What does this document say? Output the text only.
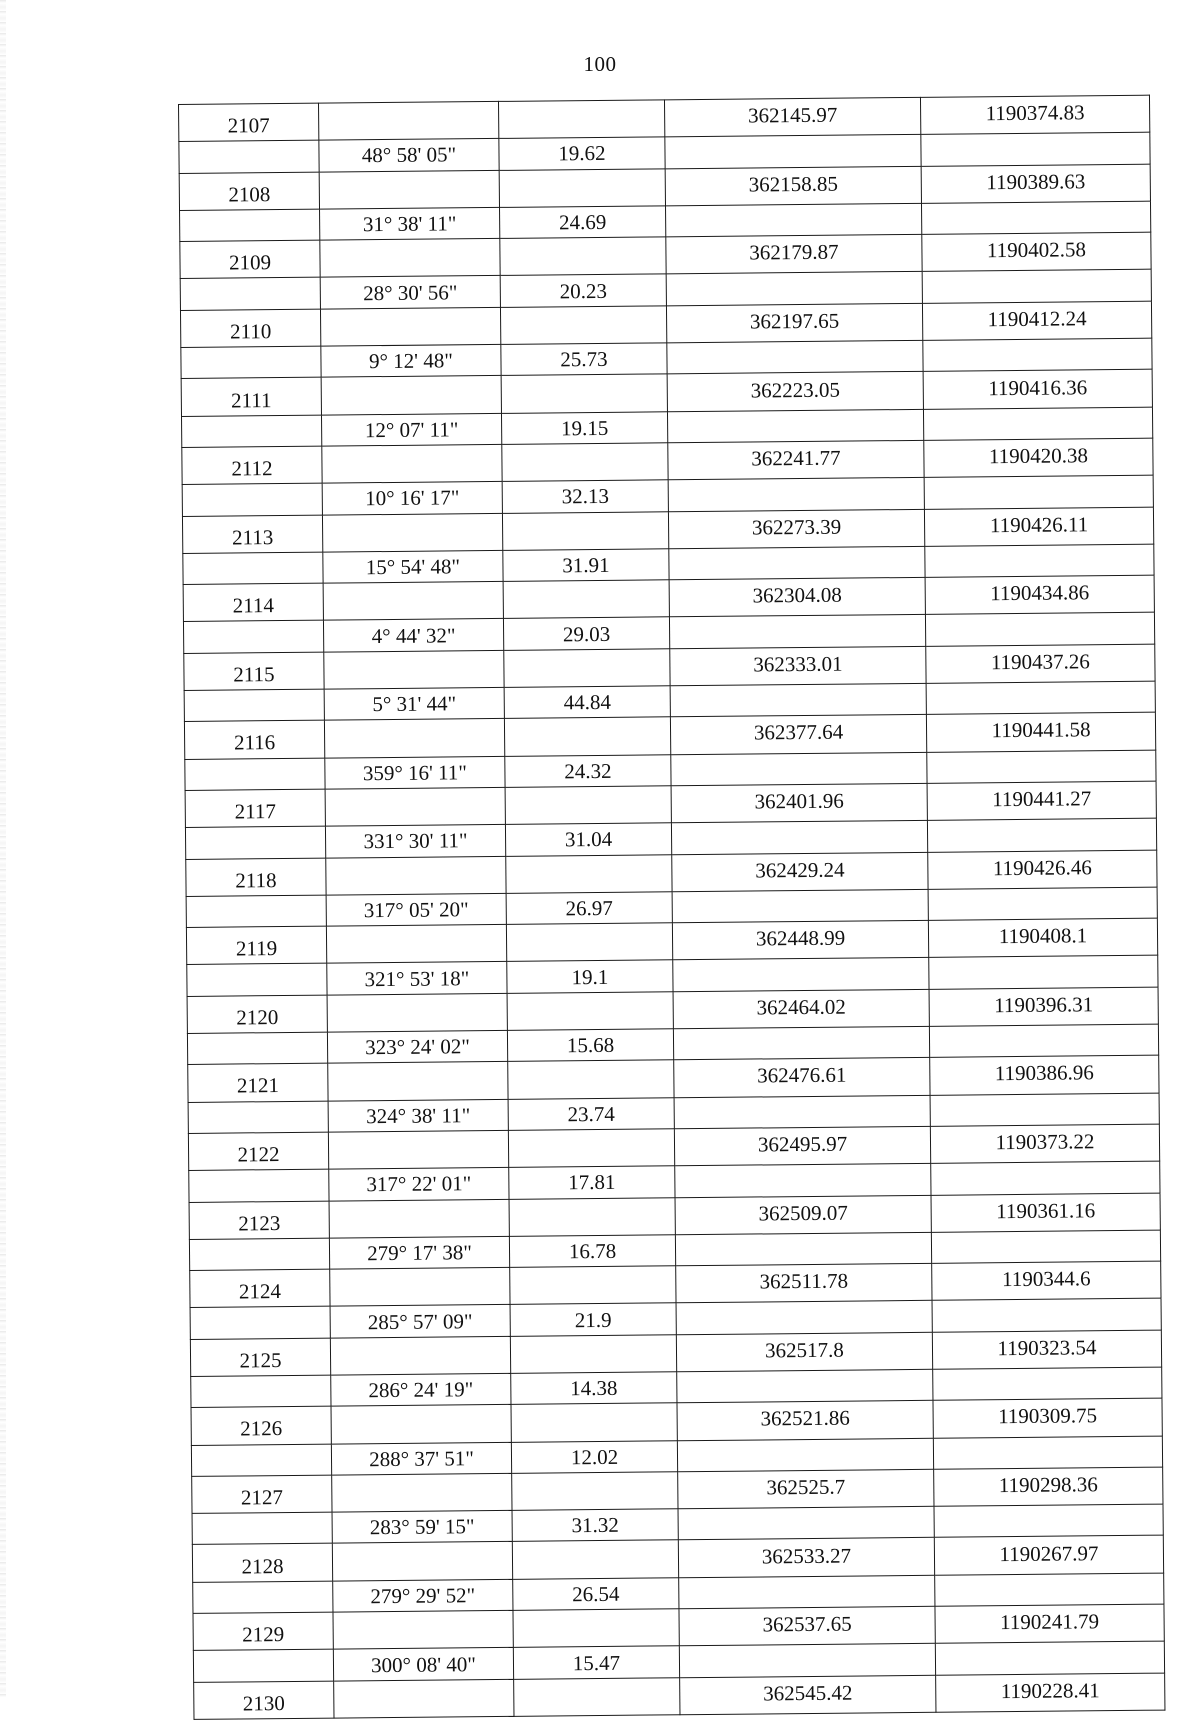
100
2107			362145.97	1190374.83
	48° 58' 05"	19.62		
2108			362158.85	1190389.63
	31° 38' 11"	24.69		
2109			362179.87	1190402.58
	28° 30' 56"	20.23		
2110			362197.65	1190412.24
	9° 12' 48"	25.73		
2111			362223.05	1190416.36
	12° 07' 11"	19.15		
2112			362241.77	1190420.38
	10° 16' 17"	32.13		
2113			362273.39	1190426.11
	15° 54' 48"	31.91		
2114			362304.08	1190434.86
	4° 44' 32"	29.03		
2115			362333.01	1190437.26
	5° 31' 44"	44.84		
2116			362377.64	1190441.58
	359° 16' 11"	24.32		
2117			362401.96	1190441.27
	331° 30' 11"	31.04		
2118			362429.24	1190426.46
	317° 05' 20"	26.97		
2119			362448.99	1190408.1
	321° 53' 18"	19.1		
2120			362464.02	1190396.31
	323° 24' 02"	15.68		
2121			362476.61	1190386.96
	324° 38' 11"	23.74		
2122			362495.97	1190373.22
	317° 22' 01"	17.81		
2123			362509.07	1190361.16
	279° 17' 38"	16.78		
2124			362511.78	1190344.6
	285° 57' 09"	21.9		
2125			362517.8	1190323.54
	286° 24' 19"	14.38		
2126			362521.86	1190309.75
	288° 37' 51"	12.02		
2127			362525.7	1190298.36
	283° 59' 15"	31.32		
2128			362533.27	1190267.97
	279° 29' 52"	26.54		
2129			362537.65	1190241.79
	300° 08' 40"	15.47		
2130			362545.42	1190228.41
